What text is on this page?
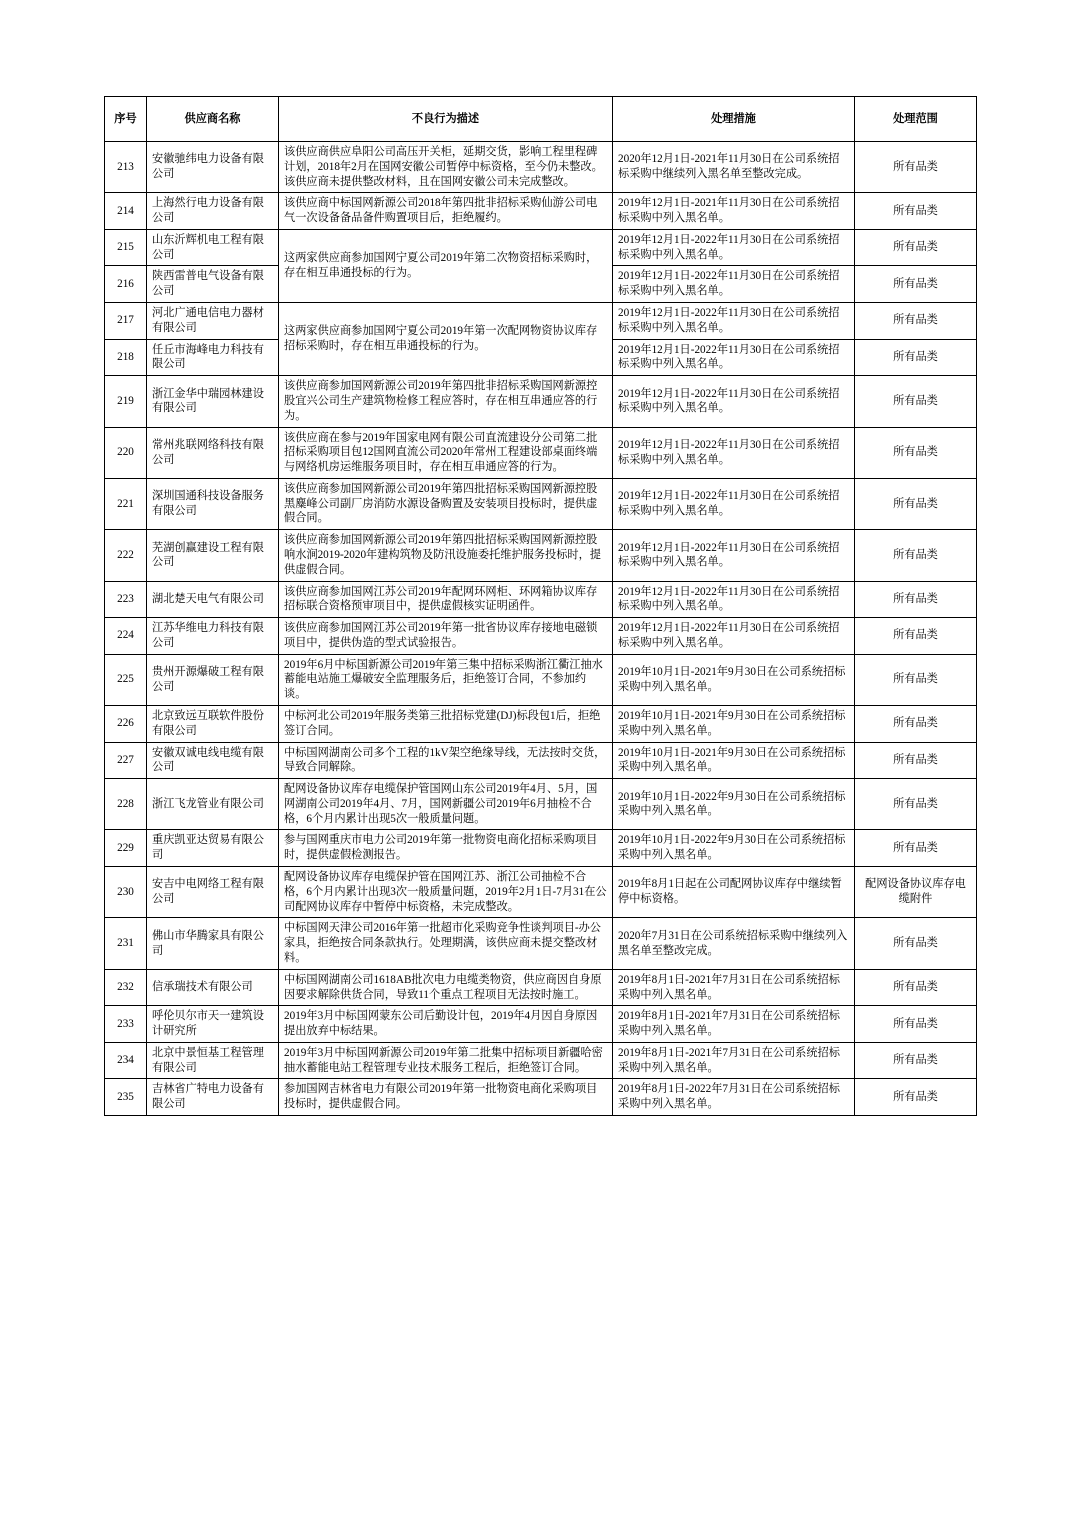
序号	供应商名称	不良行为描述	处理措施	处理范围
213	安徽驰纬电力设备有限公司	该供应商供应阜阳公司高压开关柜，延期交货，影响工程里程碑计划，2018年2月在国网安徽公司暂停中标资格，至今仍未整改。该供应商未提供整改材料，且在国网安徽公司未完成整改。	2020年12月1日-2021年11月30日在公司系统招标采购中继续列入黑名单至整改完成。	所有品类
214	上海然行电力设备有限公司	该供应商中标国网新源公司2018年第四批非招标采购仙游公司电气一次设备备品备件购置项目后，拒绝履约。	2019年12月1日-2021年11月30日在公司系统招标采购中列入黑名单。	所有品类
215	山东沂辉机电工程有限公司	这两家供应商参加国网宁夏公司2019年第二次物资招标采购时，存在相互串通投标的行为。	2019年12月1日-2022年11月30日在公司系统招标采购中列入黑名单。	所有品类
216	陕西雷普电气设备有限公司		2019年12月1日-2022年11月30日在公司系统招标采购中列入黑名单。	所有品类
217	河北广通电信电力器材有限公司	这两家供应商参加国网宁夏公司2019年第一次配网物资协议库存招标采购时，存在相互串通投标的行为。	2019年12月1日-2022年11月30日在公司系统招标采购中列入黑名单。	所有品类
218	任丘市海峰电力科技有限公司		2019年12月1日-2022年11月30日在公司系统招标采购中列入黑名单。	所有品类
219	浙江金华中瑞园林建设有限公司	该供应商参加国网新源公司2019年第四批非招标采购国网新源控股宜兴公司生产建筑物检修工程应答时，存在相互串通应答的行为。	2019年12月1日-2022年11月30日在公司系统招标采购中列入黑名单。	所有品类
220	常州兆联网络科技有限公司	该供应商在参与2019年国家电网有限公司直流建设分公司第二批招标采购项目包12国网直流公司2020年常州工程建设部桌面终端与网络机房运维服务项目时，存在相互串通应答的行为。	2019年12月1日-2022年11月30日在公司系统招标采购中列入黑名单。	所有品类
221	深圳国通科技设备服务有限公司	该供应商参加国网新源公司2019年第四批招标采购国网新源控股黑麋峰公司副厂房消防水源设备购置及安装项目投标时，提供虚假合同。	2019年12月1日-2022年11月30日在公司系统招标采购中列入黑名单。	所有品类
222	芜湖创赢建设工程有限公司	该供应商参加国网新源公司2019年第四批招标采购国网新源控股响水涧2019-2020年建构筑物及防汛设施委托维护服务投标时，提供虚假合同。	2019年12月1日-2022年11月30日在公司系统招标采购中列入黑名单。	所有品类
223	湖北楚天电气有限公司	该供应商参加国网江苏公司2019年配网环网柜、环网箱协议库存招标联合资格预审项目中，提供虚假核实证明函件。	2019年12月1日-2022年11月30日在公司系统招标采购中列入黑名单。	所有品类
224	江苏华维电力科技有限公司	该供应商参加国网江苏公司2019年第一批省协议库存接地电磁锁项目中，提供伪造的型式试验报告。	2019年12月1日-2022年11月30日在公司系统招标采购中列入黑名单。	所有品类
225	贵州开源爆破工程有限公司	2019年6月中标国新源公司2019年第三集中招标采购浙江衢江抽水蓄能电站施工爆破安全监理服务后，拒绝签订合同，不参加约谈。	2019年10月1日-2021年9月30日在公司系统招标采购中列入黑名单。	所有品类
226	北京致远互联软件股份有限公司	中标河北公司2019年服务类第三批招标党建(DJ)标段包1后，拒绝签订合同。	2019年10月1日-2021年9月30日在公司系统招标采购中列入黑名单。	所有品类
227	安徽双诚电线电缆有限公司	中标国网湖南公司多个工程的1kV架空绝缘导线，无法按时交货，导致合同解除。	2019年10月1日-2021年9月30日在公司系统招标采购中列入黑名单。	所有品类
228	浙江飞龙管业有限公司	配网设备协议库存电缆保护管国网山东公司2019年4月、5月，国网湖南公司2019年4月、7月，国网新疆公司2019年6月抽检不合格，6个月内累计出现5次一般质量问题。	2019年10月1日-2022年9月30日在公司系统招标采购中列入黑名单。	所有品类
229	重庆凯亚达贸易有限公司	参与国网重庆市电力公司2019年第一批物资电商化招标采购项目时，提供虚假检测报告。	2019年10月1日-2022年9月30日在公司系统招标采购中列入黑名单。	所有品类
230	安吉中电网络工程有限公司	配网设备协议库存电缆保护管在国网江苏、浙江公司抽检不合格，6个月内累计出现3次一般质量问题，2019年2月1日-7月31在公司配网协议库存中暂停中标资格，未完成整改。	2019年8月1日起在公司配网协议库存中继续暂停中标资格。	配网设备协议库存电缆附件
231	佛山市华腾家具有限公司	中标国网天津公司2016年第一批超市化采购竞争性谈判项目-办公家具，拒绝按合同条款执行。处理期满，该供应商未提交整改材料。	2020年7月31日在公司系统招标采购中继续列入黑名单至整改完成。	所有品类
232	信承瑞技术有限公司	中标国网湖南公司1618AB批次电力电缆类物资，供应商因自身原因要求解除供货合同，导致11个重点工程项目无法按时施工。	2019年8月1日-2021年7月31日在公司系统招标采购中列入黑名单。	所有品类
233	呼伦贝尔市天一建筑设计研究所	2019年3月中标国网蒙东公司后勤设计包，2019年4月因自身原因提出放弃中标结果。	2019年8月1日-2021年7月31日在公司系统招标采购中列入黑名单。	所有品类
234	北京中景恒基工程管理有限公司	2019年3月中标国网新源公司2019年第二批集中招标项目新疆哈密抽水蓄能电站工程管理专业技术服务工程后，拒绝签订合同。	2019年8月1日-2021年7月31日在公司系统招标采购中列入黑名单。	所有品类
235	吉林省广特电力设备有限公司	参加国网吉林省电力有限公司2019年第一批物资电商化采购项目投标时，提供虚假合同。	2019年8月1日-2022年7月31日在公司系统招标采购中列入黑名单。	所有品类
